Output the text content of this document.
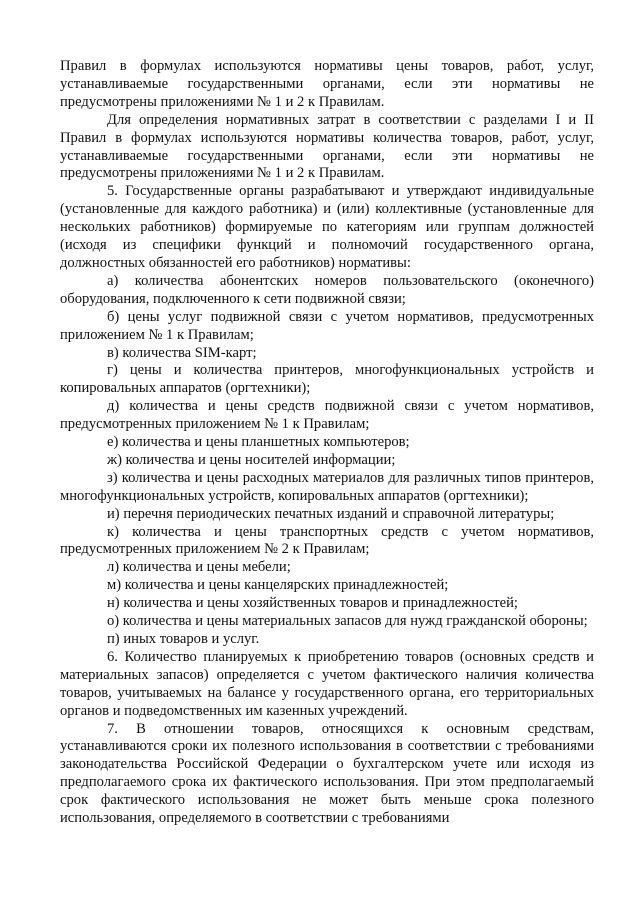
Правил в формулах используются нормативы цены товаров, работ, услуг, устанавливаемые государственными органами, если эти нормативы не предусмотрены приложениями № 1 и 2 к Правилам.

Для определения нормативных затрат в соответствии с разделами I и II Правил в формулах используются нормативы количества товаров, работ, услуг, устанавливаемые государственными органами, если эти нормативы не предусмотрены приложениями № 1 и 2 к Правилам.

5. Государственные органы разрабатывают и утверждают индивидуальные (установленные для каждого работника) и (или) коллективные (установленные для нескольких работников) формируемые по категориям или группам должностей (исходя из специфики функций и полномочий государственного органа, должностных обязанностей его работников) нормативы:

а) количества абонентских номеров пользовательского (оконечного) оборудования, подключенного к сети подвижной связи;

б) цены услуг подвижной связи с учетом нормативов, предусмотренных приложением № 1 к Правилам;

в) количества SIM-карт;

г) цены и количества принтеров, многофункциональных устройств и копировальных аппаратов (оргтехники);

д) количества и цены средств подвижной связи с учетом нормативов, предусмотренных приложением № 1 к Правилам;

е) количества и цены планшетных компьютеров;

ж) количества и цены носителей информации;

з) количества и цены расходных материалов для различных типов принтеров, многофункциональных устройств, копировальных аппаратов (оргтехники);

и) перечня периодических печатных изданий и справочной литературы;

к) количества и цены транспортных средств с учетом нормативов, предусмотренных приложением № 2 к Правилам;

л) количества и цены мебели;

м) количества и цены канцелярских принадлежностей;

н) количества и цены хозяйственных товаров и принадлежностей;

о) количества и цены материальных запасов для нужд гражданской обороны;

п) иных товаров и услуг.

6. Количество планируемых к приобретению товаров (основных средств и материальных запасов) определяется с учетом фактического наличия количества товаров, учитываемых на балансе у государственного органа, его территориальных органов и подведомственных им казенных учреждений.

7. В отношении товаров, относящихся к основным средствам, устанавливаются сроки их полезного использования в соответствии с требованиями законодательства Российской Федерации о бухгалтерском учете или исходя из предполагаемого срока их фактического использования. При этом предполагаемый срок фактического использования не может быть меньше срока полезного использования, определяемого в соответствии с требованиями
